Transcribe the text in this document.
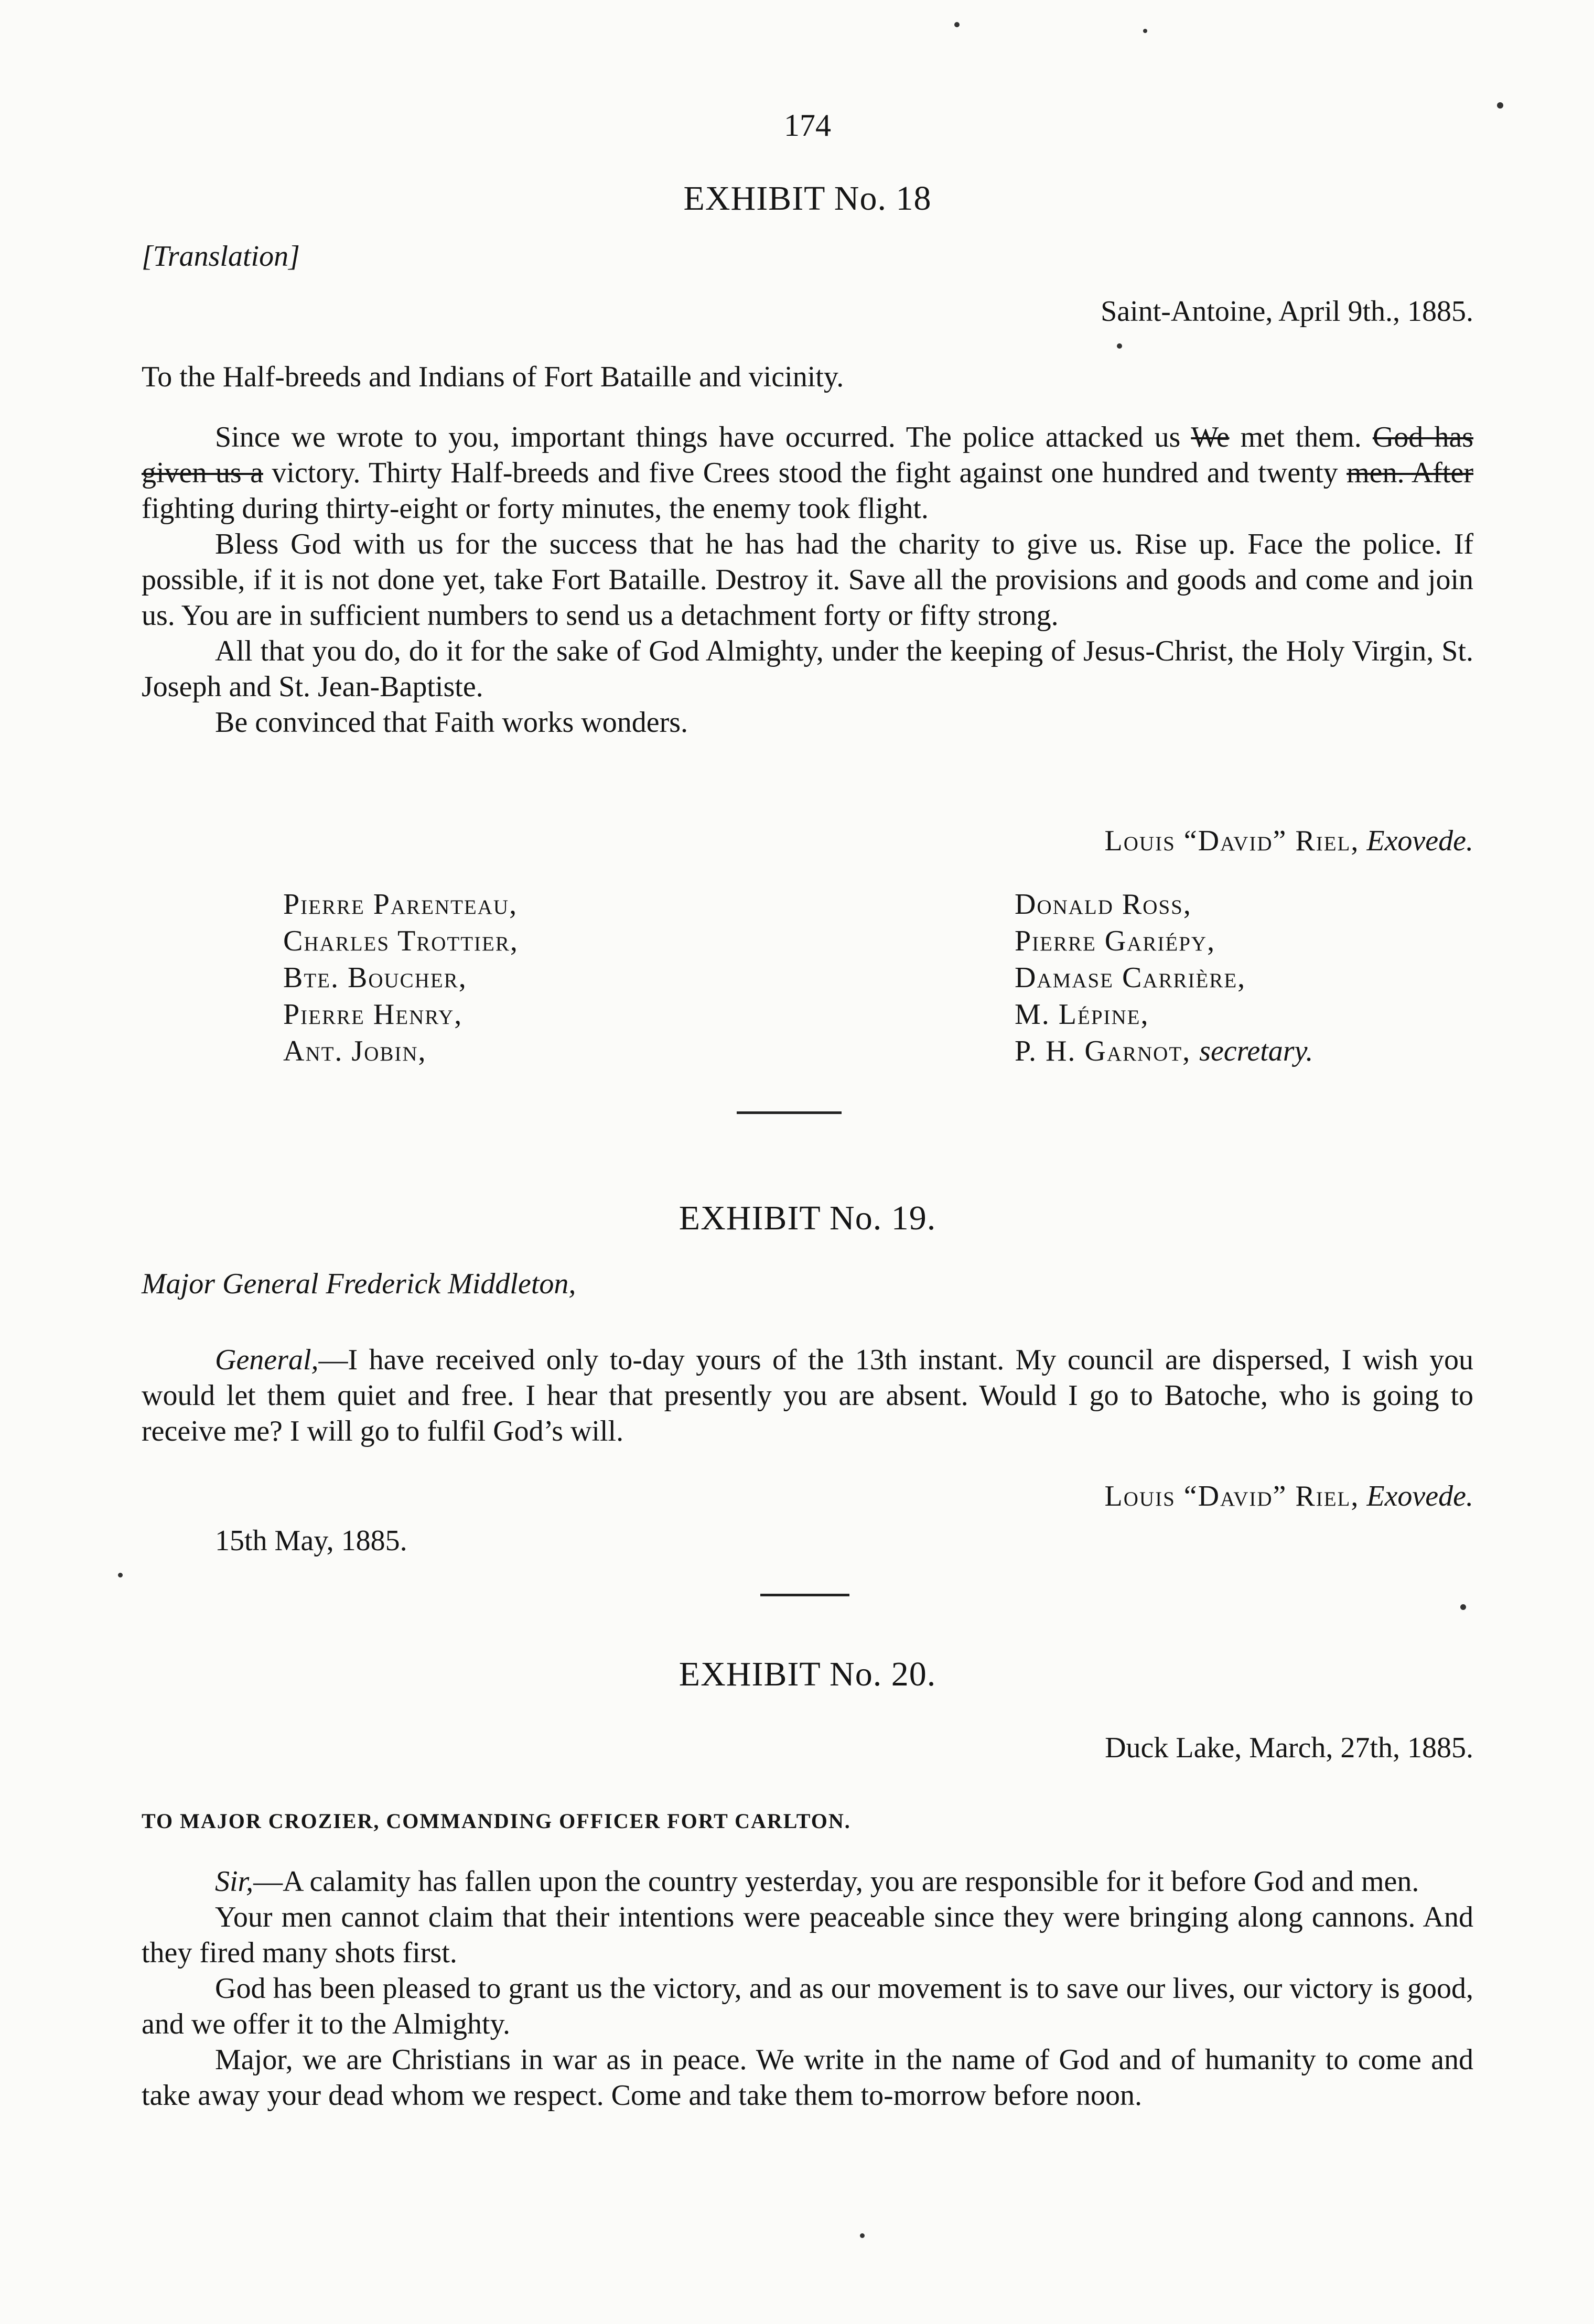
174
EXHIBIT No. 18
[Translation]
Saint-Antoine, April 9th., 1885.
To the Half-breeds and Indians of Fort Bataille and vicinity.

Since we wrote to you, important things have occurred. The police attacked us We met them. God has given us a victory. Thirty Half-breeds and five Crees stood the fight against one hundred and twenty men. After fighting during thirty-eight or forty minutes, the enemy took flight.

Bless God with us for the success that he has had the charity to give us. Rise up. Face the police. If possible, if it is not done yet, take Fort Bataille. Destroy it. Save all the provisions and goods and come and join us. You are in sufficient numbers to send us a detachment forty or fifty strong.

All that you do, do it for the sake of God Almighty, under the keeping of Jesus-Christ, the Holy Virgin, St. Joseph and St. Jean-Baptiste.

Be convinced that Faith works wonders.

Louis “David” Riel, Exovede.
Pierre Parenteau,
Charles Trottier,
Bte. Boucher,
Pierre Henry,
Ant. Jobin,
Donald Ross,
Pierre Gariépy,
Damase Carrière,
M. Lépine,
P. H. Garnot, secretary.
EXHIBIT No. 19.
Major General Frederick Middleton,

General,—I have received only to-day yours of the 13th instant. My council are dispersed, I wish you would let them quiet and free. I hear that presently you are absent. Would I go to Batoche, who is going to receive me? I will go to fulfil God’s will.

Louis “David” Riel, Exovede.
15th May, 1885.
EXHIBIT No. 20.
Duck Lake, March, 27th, 1885.
TO MAJOR CROZIER, COMMANDING OFFICER FORT CARLTON.

Sir,—A calamity has fallen upon the country yesterday, you are responsible for it before God and men.

Your men cannot claim that their intentions were peaceable since they were bringing along cannons. And they fired many shots first.

God has been pleased to grant us the victory, and as our movement is to save our lives, our victory is good, and we offer it to the Almighty.

Major, we are Christians in war as in peace. We write in the name of God and of humanity to come and take away your dead whom we respect. Come and take them to-morrow before noon.
